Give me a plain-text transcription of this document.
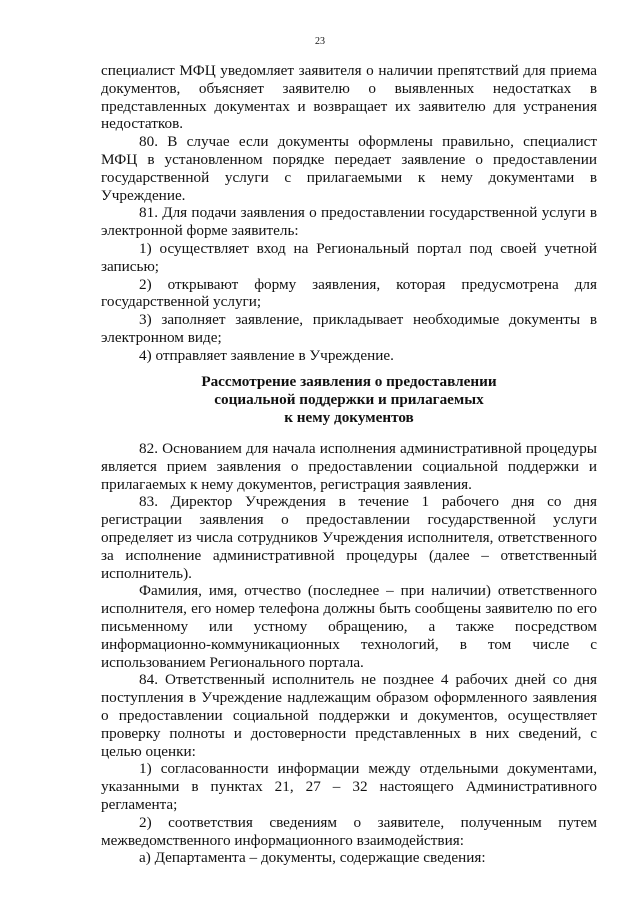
23

специалист МФЦ уведомляет заявителя о наличии препятствий для приема документов, объясняет заявителю о выявленных недостатках в представленных документах и возвращает их заявителю для устранения недостатков.

80. В случае если документы оформлены правильно, специалист МФЦ в установленном порядке передает заявление о предоставлении государственной услуги с прилагаемыми к нему документами в Учреждение.

81. Для подачи заявления о предоставлении государственной услуги в электронной форме заявитель:

1) осуществляет вход на Региональный портал под своей учетной записью;

2) открывают форму заявления, которая предусмотрена для государственной услуги;

3) заполняет заявление, прикладывает необходимые документы в электронном виде;

4) отправляет заявление в Учреждение.

Рассмотрение заявления о предоставлении
социальной поддержки и прилагаемых
к нему документов

82. Основанием для начала исполнения административной процедуры является прием заявления о предоставлении социальной поддержки и прилагаемых к нему документов, регистрация заявления.

83. Директор Учреждения в течение 1 рабочего дня со дня регистрации заявления о предоставлении государственной услуги определяет из числа сотрудников Учреждения исполнителя, ответственного за исполнение административной процедуры (далее – ответственный исполнитель).

Фамилия, имя, отчество (последнее – при наличии) ответственного исполнителя, его номер телефона должны быть сообщены заявителю по его письменному или устному обращению, а также посредством информационно-коммуникационных технологий, в том числе с использованием Регионального портала.

84. Ответственный исполнитель не позднее 4 рабочих дней со дня поступления в Учреждение надлежащим образом оформленного заявления о предоставлении социальной поддержки и документов, осуществляет проверку полноты и достоверности представленных в них сведений, с целью оценки:

1) согласованности информации между отдельными документами, указанными в пунктах 21, 27 – 32 настоящего Административного регламента;

2) соответствия сведениям о заявителе, полученным путем межведомственного информационного взаимодействия:

а) Департамента – документы, содержащие сведения:
